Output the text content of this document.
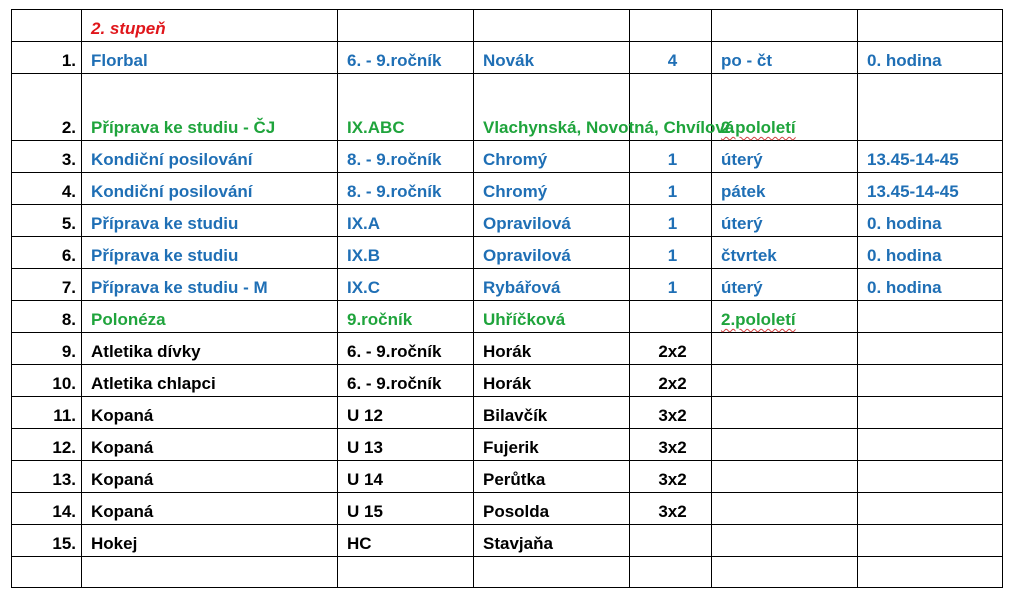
	2. stupeň					
1.	Florbal	6. - 9.ročník	Novák	4	po - čt	0. hodina
2.	Příprava ke studiu - ČJ	IX.ABC	Vlachynská, Novotná, Chvílová		2.pololetí	
3.	Kondiční posilování	8. - 9.ročník	Chromý	1	úterý	13.45-14-45
4.	Kondiční posilování	8. - 9.ročník	Chromý	1	pátek	13.45-14-45
5.	Příprava ke studiu	IX.A	Opravilová	1	úterý	0. hodina
6.	Příprava ke studiu	IX.B	Opravilová	1	čtvrtek	0. hodina
7.	Příprava ke studiu - M	IX.C	Rybářová	1	úterý	0. hodina
8.	Polonéza	9.ročník	Uhříčková		2.pololetí	
9.	Atletika dívky	6. - 9.ročník	Horák	2x2		
10.	Atletika chlapci	6. - 9.ročník	Horák	2x2		
11.	Kopaná	U 12	Bilavčík	3x2		
12.	Kopaná	U 13	Fujerik	3x2		
13.	Kopaná	U 14	Perůtka	3x2		
14.	Kopaná	U 15	Posolda	3x2		
15.	Hokej	HC	Stavjaňa			
